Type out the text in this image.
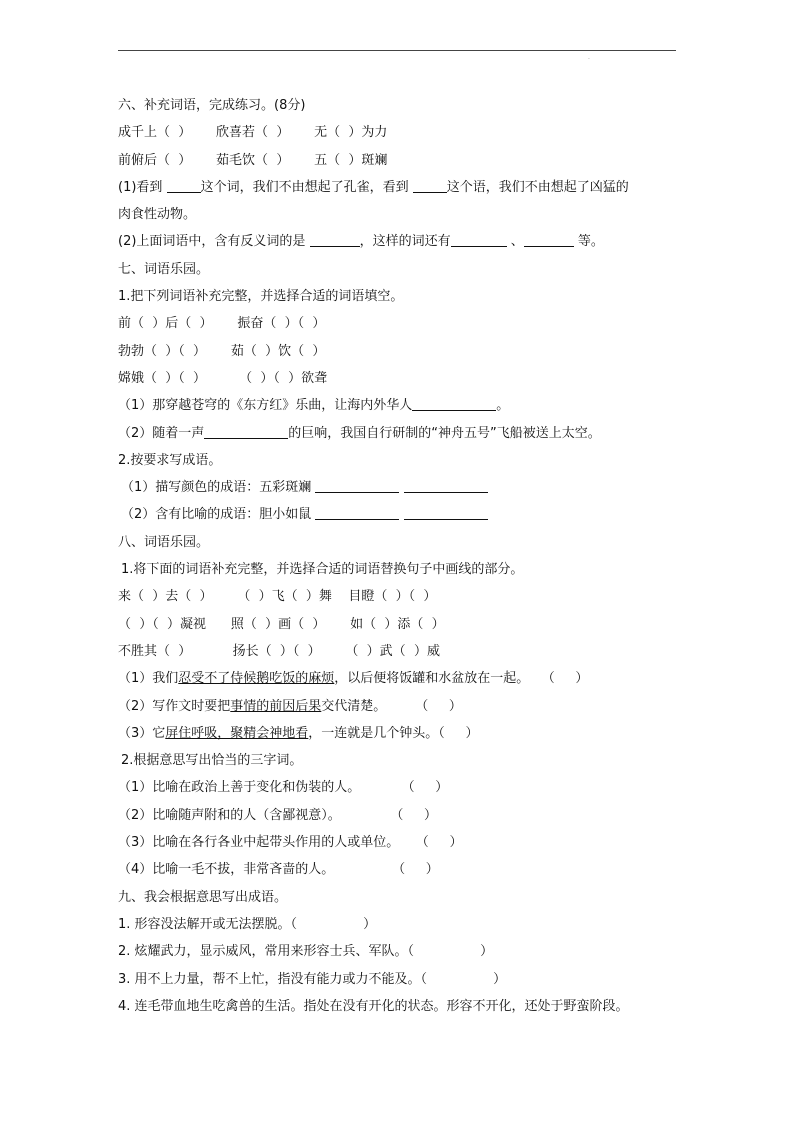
·
六、补充词语，完成练习。(8分)
成千上（  ）      欣喜若（  ）      无（  ）为力
前俯后（  ）      茹毛饮（  ）      五（  ）斑斓
(1)看到	这个词，我们不由想起了孔雀，看到	这个语，我们不由想起了凶猛的
肉食性动物。
(2)上面词语中，含有反义词的是	，这样的词还有	、	等。
七、词语乐园。
1.把下列词语补充完整，并选择合适的词语填空。
前（  ）后（  ）      振奋（  ）（  ）
勃勃（  ）（  ）      茹（  ）饮（  ）
嫦娥（  ）（  ）        （  ）（  ）欲聋
（1）那穿越苍穹的《东方红》乐曲，让海内外华人	。
（2）随着一声	的巨响，我国自行研制的“神舟五号”飞船被送上太空。
2.按要求写成语。
（1）描写颜色的成语：五彩斑斓
（2）含有比喻的成语：胆小如鼠
八、词语乐园。
1.将下面的词语补充完整，并选择合适的词语替换句子中画线的部分。
来（  ）去（  ）      （  ）飞（  ）舞    目瞪（  ）（  ）
（  ）（  ）凝视      照（  ）画（  ）      如（  ）添（  ）
不胜其（  ）          扬长（  ）（  ）      （  ）武（  ）威
（1）我们忍受不了侍候鹅吃饭的麻烦，以后便将饭罐和水盆放在一起。   （     ）
（2）写作文时要把事情的前因后果交代清楚。       （     ）
（3）它屏住呼吸，聚精会神地看，一连就是几个钟头。（     ）
2.根据意思写出恰当的三字词。
（1）比喻在政治上善于变化和伪装的人。          （     ）
（2）比喻随声附和的人（含鄙视意）。            （     ）
（3）比喻在各行各业中起带头作用的人或单位。    （     ）
（4）比喻一毛不拔，非常吝啬的人。              （     ）
九、我会根据意思写出成语。
1. 形容没法解开或无法摆脱。（                ）
2. 炫耀武力，显示威风，常用来形容士兵、军队。（                ）
3. 用不上力量，帮不上忙，指没有能力或力不能及。（                ）
4. 连毛带血地生吃禽兽的生活。指处在没有开化的状态。形容不开化，还处于野蛮阶段。
